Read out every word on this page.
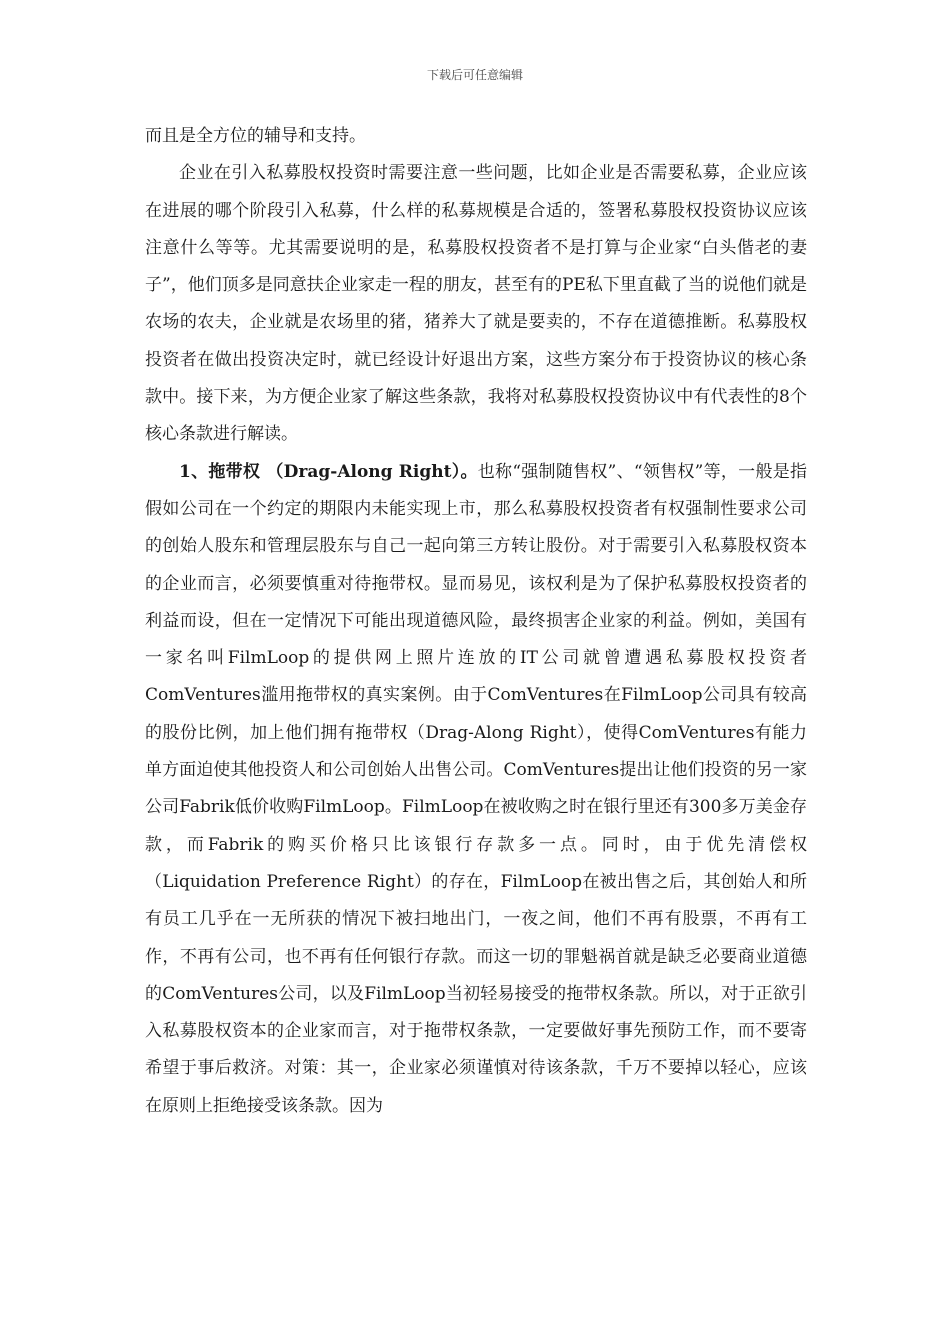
下载后可任意编辑

而且是全方位的辅导和支持。

企业在引入私募股权投资时需要注意一些问题，比如企业是否需要私募，企业应该在进展的哪个阶段引入私募，什么样的私募规模是合适的，签署私募股权投资协议应该注意什么等等。尤其需要说明的是，私募股权投资者不是打算与企业家“白头偕老的妻子”，他们顶多是同意扶企业家走一程的朋友，甚至有的PE私下里直截了当的说他们就是农场的农夫，企业就是农场里的猪，猪养大了就是要卖的，不存在道德推断。私募股权投资者在做出投资决定时，就已经设计好退出方案，这些方案分布于投资协议的核心条款中。接下来，为方便企业家了解这些条款，我将对私募股权投资协议中有代表性的8个核心条款进行解读。

1、拖带权 （Drag-Along Right）。也称“强制随售权”、“领售权”等，一般是指假如公司在一个约定的期限内未能实现上市，那么私募股权投资者有权强制性要求公司的创始人股东和管理层股东与自己一起向第三方转让股份。对于需要引入私募股权资本的企业而言，必须要慎重对待拖带权。显而易见，该权利是为了保护私募股权投资者的利益而设，但在一定情况下可能出现道德风险，最终损害企业家的利益。例如，美国有一家名叫FilmLoop的提供网上照片连放的IT公司就曾遭遇私募股权投资者ComVentures滥用拖带权的真实案例。由于ComVentures在FilmLoop公司具有较高的股份比例，加上他们拥有拖带权（Drag-Along Right），使得ComVentures有能力单方面迫使其他投资人和公司创始人出售公司。ComVentures提出让他们投资的另一家公司Fabrik低价收购FilmLoop。FilmLoop在被收购之时在银行里还有300多万美金存款，而Fabrik的购买价格只比该银行存款多一点。同时，由于优先清偿权（Liquidation Preference Right）的存在，FilmLoop在被出售之后，其创始人和所有员工几乎在一无所获的情况下被扫地出门，一夜之间，他们不再有股票，不再有工作，不再有公司，也不再有任何银行存款。而这一切的罪魁祸首就是缺乏必要商业道德的ComVentures公司，以及FilmLoop当初轻易接受的拖带权条款。所以，对于正欲引入私募股权资本的企业家而言，对于拖带权条款，一定要做好事先预防工作，而不要寄希望于事后救济。对策：其一，企业家必须谨慎对待该条款，千万不要掉以轻心，应该在原则上拒绝接受该条款。因为
